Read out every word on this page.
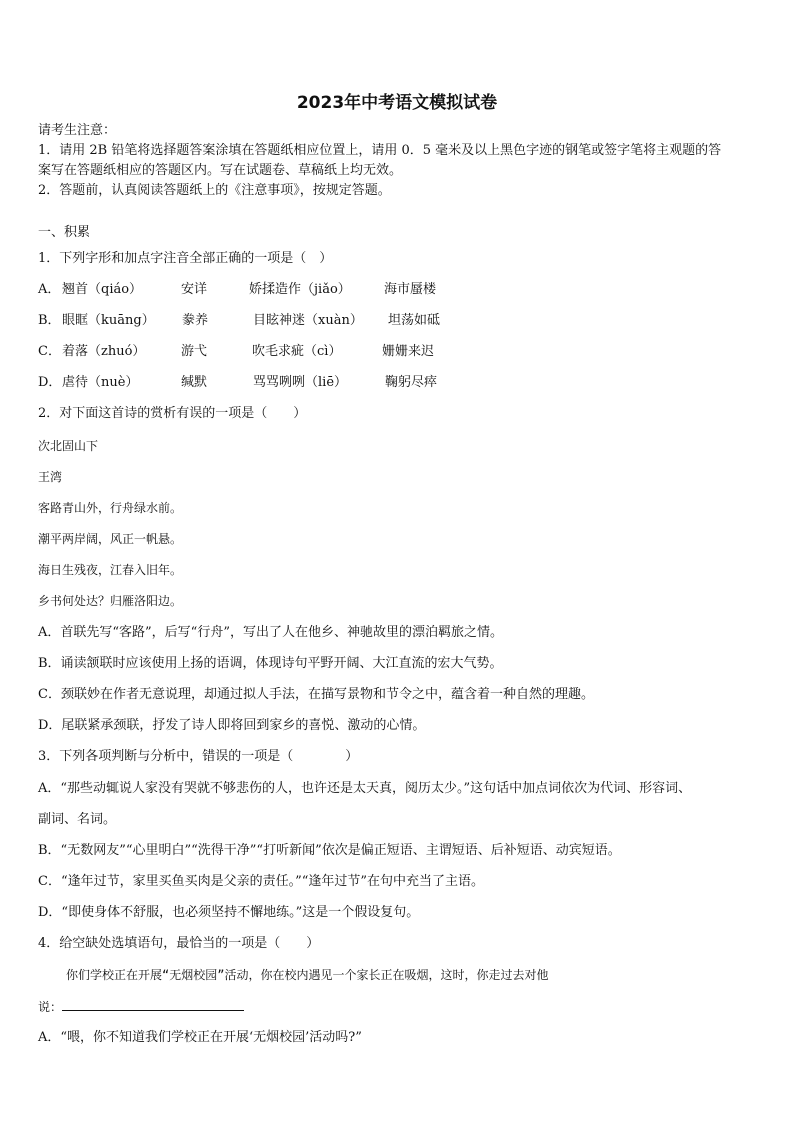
2023年中考语文模拟试卷
请考生注意：
1．请用 2B 铅笔将选择题答案涂填在答题纸相应位置上，请用 0．5 毫米及以上黑色字迹的钢笔或签字笔将主观题的答
案写在答题纸相应的答题区内。写在试题卷、草稿纸上均无效。
2．答题前，认真阅读答题纸上的《注意事项》，按规定答题。
一、积累
1．下列字形和加点字注音全部正确的一项是（　）
A． 翘首（qiáo）	安详	娇揉造作（jiǎo）	海市蜃楼
B． 眼眶（kuāng） 豢养	目眩神迷（xuàn） 坦荡如砥
C． 着落（zhuó）	游弋	吹毛求疵（cì）	姗姗来迟
D． 虐待（nuè）	缄默	骂骂咧咧（liē）	鞠躬尽瘁
2．对下面这首诗的赏析有误的一项是（　　）
次北固山下
王湾
客路青山外，行舟绿水前。
潮平两岸阔，风正一帆悬。
海日生残夜，江春入旧年。
乡书何处达？归雁洛阳边。
A．首联先写“客路”，后写“行舟”，写出了人在他乡、神驰故里的漂泊羁旅之情。
B．诵读颔联时应该使用上扬的语调，体现诗句平野开阔、大江直流的宏大气势。
C．颈联妙在作者无意说理，却通过拟人手法，在描写景物和节令之中，蕴含着一种自然的理趣。
D．尾联紧承颈联，抒发了诗人即将回到家乡的喜悦、激动的心情。
3．下列各项判断与分析中，错误的一项是（　　　　）
A．“那些动辄说人家没有哭就不够悲伤的人，也许还是太天真，阅历太少。”这句话中加点词依次为代词、形容词、
副词、名词。
B．“无数网友”“心里明白”“洗得干净”“打听新闻”依次是偏正短语、主谓短语、后补短语、动宾短语。
C．“逢年过节，家里买鱼买肉是父亲的责任。”“逢年过节”在句中充当了主语。
D．“即使身体不舒服，也必须坚持不懈地练。”这是一个假设复句。
4．给空缺处选填语句，最恰当的一项是（　　）
你们学校正在开展“无烟校园”活动，你在校内遇见一个家长正在吸烟，这时，你走过去对他
说：
A．“喂，你不知道我们学校正在开展‘无烟校园’活动吗?”
